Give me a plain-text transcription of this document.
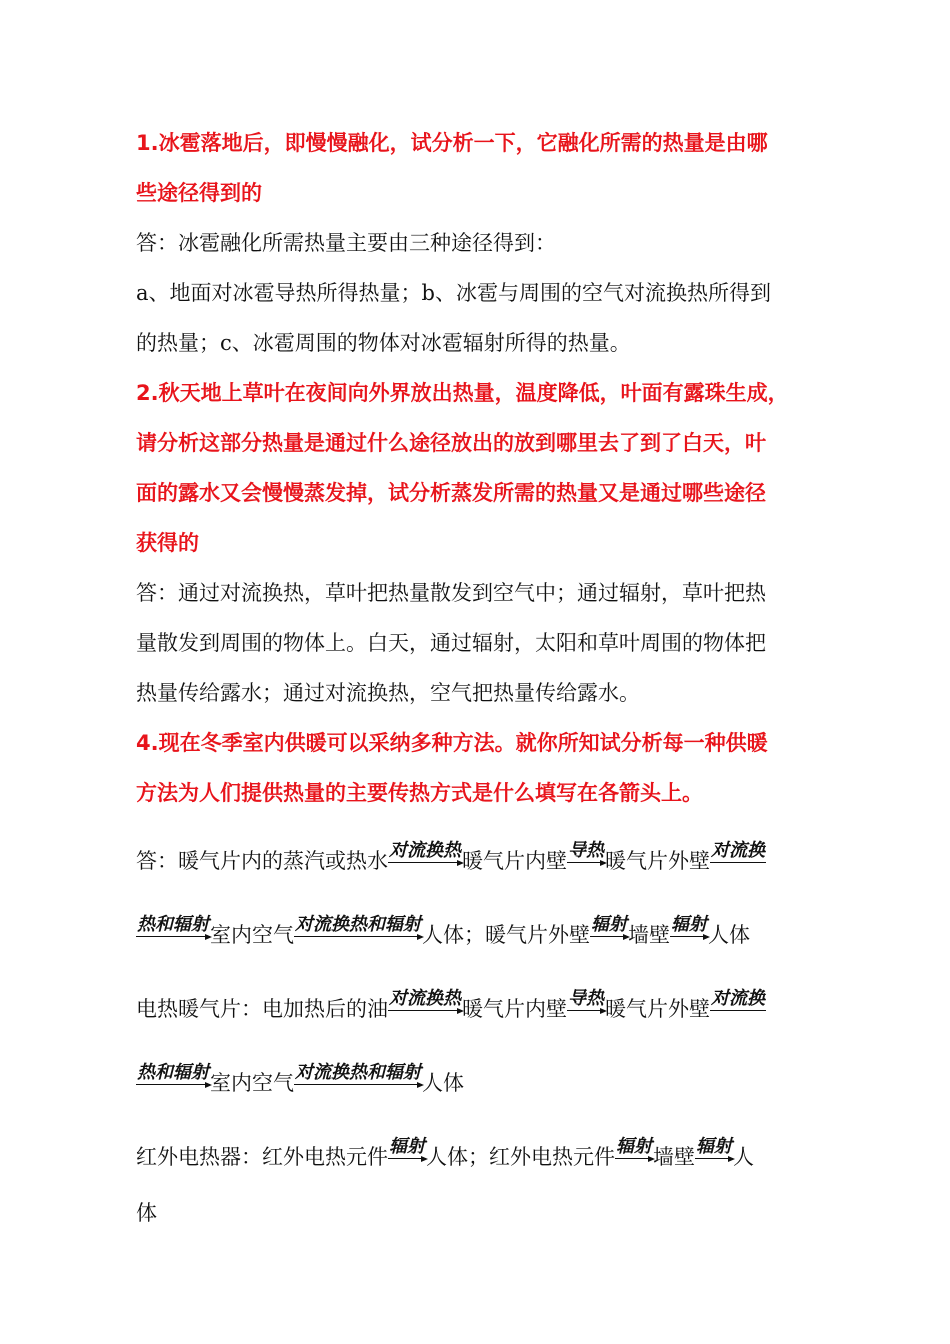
1.冰雹落地后，即慢慢融化，试分析一下，它融化所需的热量是由哪

些途径得到的

答：冰雹融化所需热量主要由三种途径得到：

a、地面对冰雹导热所得热量；b、冰雹与周围的空气对流换热所得到

的热量；c、冰雹周围的物体对冰雹辐射所得的热量。

2.秋天地上草叶在夜间向外界放出热量，温度降低，叶面有露珠生成，

请分析这部分热量是通过什么途径放出的放到哪里去了到了白天，叶

面的露水又会慢慢蒸发掉，试分析蒸发所需的热量又是通过哪些途径

获得的

答：通过对流换热，草叶把热量散发到空气中；通过辐射，草叶把热

量散发到周围的物体上。白天，通过辐射，太阳和草叶周围的物体把

热量传给露水；通过对流换热，空气把热量传给露水。

4.现在冬季室内供暖可以采纳多种方法。就你所知试分析每一种供暖

方法为人们提供热量的主要传热方式是什么填写在各箭头上。

答：暖气片内的蒸汽或热水 对流换热 暖气片内壁 导热 暖气片外壁 对流换

热和辐射 室内空气 对流换热和辐射 人体；暖气片外壁 辐射 墙壁 辐射 人体

电热暖气片：电加热后的油 对流换热 暖气片内壁 导热 暖气片外壁 对流换

热和辐射 室内空气 对流换热和辐射 人体

红外电热器：红外电热元件 辐射 人体；红外电热元件 辐射 墙壁 辐射 人

体
